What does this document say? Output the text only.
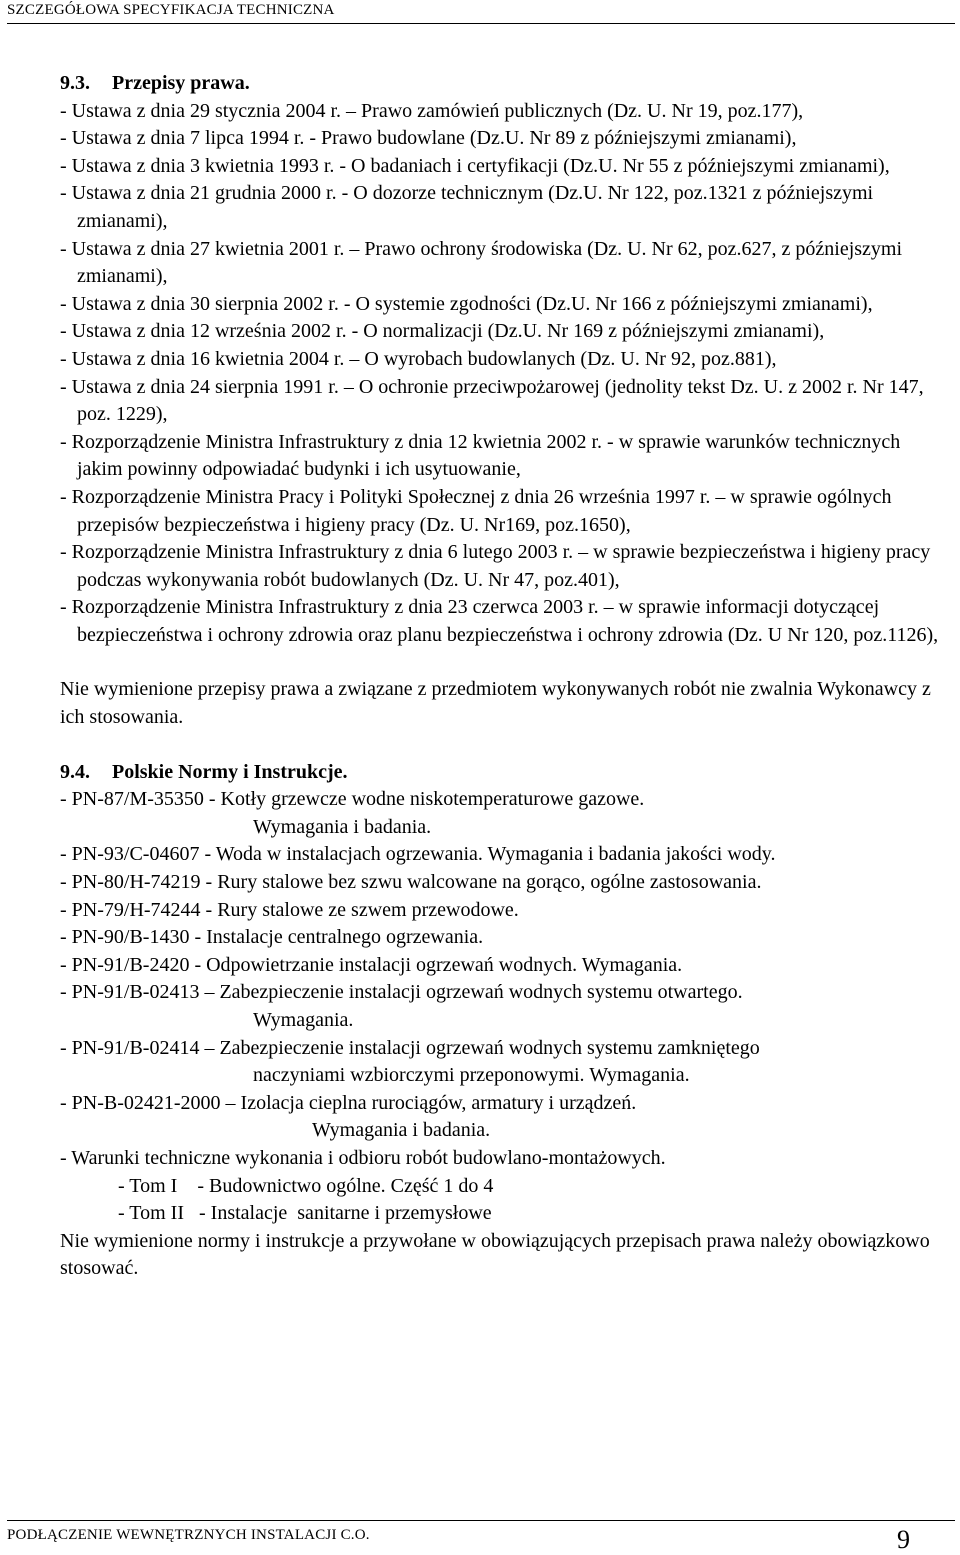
SZCZEGÓŁOWA SPECYFIKACJA TECHNICZNA
9.3. Przepisy prawa.
- Ustawa z dnia 29 stycznia 2004 r. – Prawo zamówień publicznych (Dz. U. Nr 19, poz.177),
- Ustawa z dnia 7 lipca 1994 r. - Prawo budowlane (Dz.U. Nr 89 z późniejszymi zmianami),
- Ustawa z dnia 3 kwietnia 1993 r. - O badaniach i certyfikacji (Dz.U. Nr 55 z późniejszymi zmianami),
- Ustawa z dnia 21 grudnia 2000 r. - O dozorze technicznym (Dz.U. Nr 122, poz.1321 z późniejszymi zmianami),
- Ustawa z dnia 27 kwietnia 2001 r. – Prawo ochrony środowiska (Dz. U. Nr 62, poz.627, z późniejszymi zmianami),
- Ustawa z dnia 30 sierpnia 2002 r. - O systemie zgodności (Dz.U. Nr 166 z późniejszymi zmianami),
- Ustawa z dnia 12 września 2002 r. - O normalizacji (Dz.U. Nr 169 z późniejszymi zmianami),
- Ustawa z dnia 16 kwietnia 2004 r. – O wyrobach budowlanych (Dz. U. Nr 92, poz.881),
- Ustawa z dnia 24 sierpnia 1991 r. – O ochronie przeciwpożarowej (jednolity tekst Dz. U. z 2002 r. Nr 147, poz. 1229),
- Rozporządzenie Ministra Infrastruktury z dnia 12 kwietnia 2002 r. - w sprawie warunków technicznych jakim powinny odpowiadać budynki i ich usytuowanie,
- Rozporządzenie Ministra Pracy i Polityki Społecznej z dnia 26 września 1997 r. – w sprawie ogólnych przepisów bezpieczeństwa i higieny pracy (Dz. U. Nr169, poz.1650),
- Rozporządzenie Ministra Infrastruktury z dnia 6 lutego 2003 r. – w sprawie bezpieczeństwa i higieny pracy podczas wykonywania robót budowlanych (Dz. U. Nr 47, poz.401),
- Rozporządzenie Ministra Infrastruktury z dnia 23 czerwca 2003 r. – w sprawie informacji dotyczącej bezpieczeństwa i ochrony zdrowia oraz planu bezpieczeństwa i ochrony zdrowia (Dz. U Nr 120, poz.1126),
Nie wymienione przepisy prawa a związane z przedmiotem wykonywanych robót nie zwalnia Wykonawcy z ich stosowania.
9.4. Polskie Normy i Instrukcje.
- PN-87/M-35350 - Kotły grzewcze wodne niskotemperaturowe gazowe.
Wymagania i badania.
- PN-93/C-04607 - Woda w instalacjach ogrzewania. Wymagania i badania jakości wody.
- PN-80/H-74219 - Rury stalowe bez szwu walcowane na gorąco, ogólne zastosowania.
- PN-79/H-74244 - Rury stalowe ze szwem przewodowe.
- PN-90/B-1430 - Instalacje centralnego ogrzewania.
- PN-91/B-2420 - Odpowietrzanie instalacji ogrzewań wodnych. Wymagania.
- PN-91/B-02413 – Zabezpieczenie instalacji ogrzewań wodnych systemu otwartego.
Wymagania.
- PN-91/B-02414 – Zabezpieczenie instalacji ogrzewań wodnych systemu zamkniętego
naczyniami wzbiorczymi przeponowymi. Wymagania.
- PN-B-02421-2000 – Izolacja cieplna rurociągów, armatury i urządzeń.
Wymagania i badania.
- Warunki techniczne wykonania i odbioru robót budowlano-montażowych.
- Tom I    - Budownictwo ogólne. Część 1 do 4
- Tom II   - Instalacje  sanitarne i przemysłowe
Nie wymienione normy i instrukcje a przywołane w obowiązujących przepisach prawa należy obowiązkowo stosować.
PODŁĄCZENIE WEWNĘTRZNYCH INSTALACJI C.O.	9
